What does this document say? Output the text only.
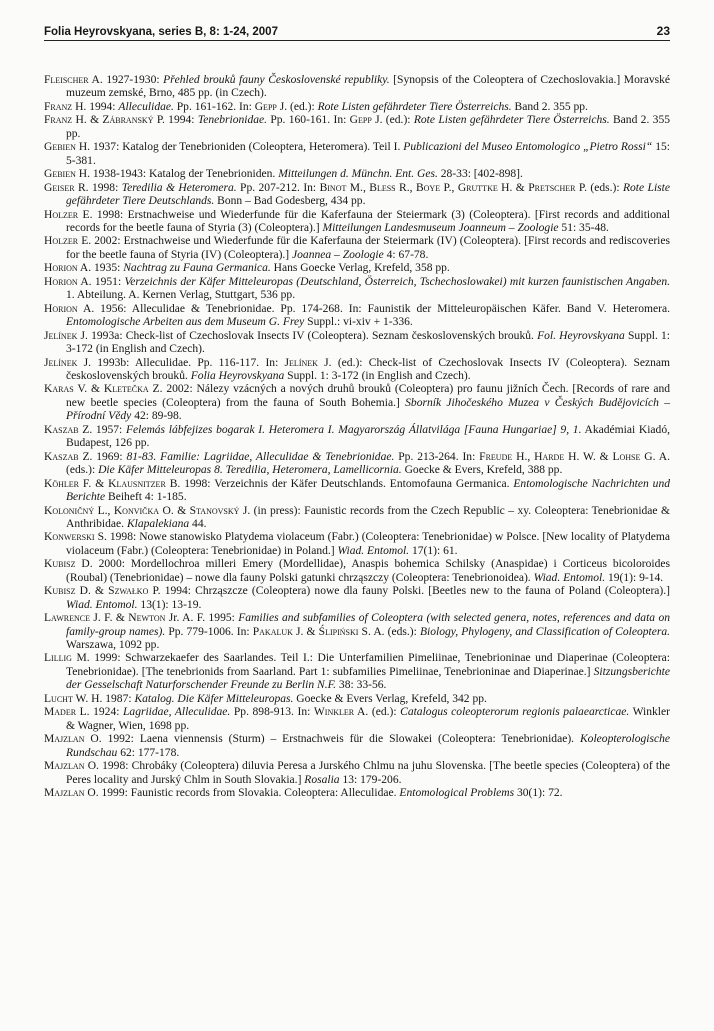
Folia Heyrovskyana, series B, 8: 1-24, 2007	23

Fleischer A. 1927-1930: Přehled brouků fauny Československé republiky. [Synopsis of the Coleoptera of Czechoslovakia.] Moravské muzeum zemské, Brno, 485 pp. (in Czech).

Franz H. 1994: Alleculidae. Pp. 161-162. In: Gepp J. (ed.): Rote Listen gefährdeter Tiere Österreichs. Band 2. 355 pp.

Franz H. & Zábranský P. 1994: Tenebrionidae. Pp. 160-161. In: Gepp J. (ed.): Rote Listen gefährdeter Tiere Österreichs. Band 2. 355 pp.

Gebien H. 1937: Katalog der Tenebrioniden (Coleoptera, Heteromera). Teil I. Publicazioni del Museo Entomologico „Pietro Rossi“ 15: 5-381.

Gebien H. 1938-1943: Katalog der Tenebrioniden. Mitteilungen d. Münchn. Ent. Ges. 28-33: [402-898].

Geiser R. 1998: Teredilia & Heteromera. Pp. 207-212. In: Binot M., Bless R., Boye P., Gruttke H. & Pretscher P. (eds.): Rote Liste gefährdeter Tiere Deutschlands. Bonn – Bad Godesberg, 434 pp.

Holzer E. 1998: Erstnachweise und Wiederfunde für die Kaferfauna der Steiermark (3) (Coleoptera). [First records and additional records for the beetle fauna of Styria (3) (Coleoptera).] Mitteilungen Landesmuseum Joanneum – Zoologie 51: 35-48.

Holzer E. 2002: Erstnachweise und Wiederfunde für die Kaferfauna der Steiermark (IV) (Coleoptera). [First records and rediscoveries for the beetle fauna of Styria (IV) (Coleoptera).] Joannea – Zoologie 4: 67-78.

Horion A. 1935: Nachtrag zu Fauna Germanica. Hans Goecke Verlag, Krefeld, 358 pp.

Horion A. 1951: Verzeichnis der Käfer Mitteleuropas (Deutschland, Österreich, Tschechoslowakei) mit kurzen faunistischen Angaben. 1. Abteilung. A. Kernen Verlag, Stuttgart, 536 pp.

Horion A. 1956: Alleculidae & Tenebrionidae. Pp. 174-268. In: Faunistik der Mitteleuropäischen Käfer. Band V. Heteromera. Entomologische Arbeiten aus dem Museum G. Frey Suppl.: vi-xiv + 1-336.

Jelínek J. 1993a: Check-list of Czechoslovak Insects IV (Coleoptera). Seznam československých brouků. Fol. Heyrovskyana Suppl. 1: 3-172 (in English and Czech).

Jelínek J. 1993b: Alleculidae. Pp. 116-117. In: Jelínek J. (ed.): Check-list of Czechoslovak Insects IV (Coleoptera). Seznam československých brouků. Folia Heyrovskyana Suppl. 1: 3-172 (in English and Czech).

Karas V. & Kletečka Z. 2002: Nálezy vzácných a nových druhů brouků (Coleoptera) pro faunu jižních Čech. [Records of rare and new beetle species (Coleoptera) from the fauna of South Bohemia.] Sborník Jihočeského Muzea v Českých Budějovicích – Přírodní Vědy 42: 89-98.

Kaszab Z. 1957: Felemás lábfejizes bogarak I. Heteromera I. Magyarország Állatvilága [Fauna Hungariae] 9, 1. Akadémiai Kiadó, Budapest, 126 pp.

Kaszab Z. 1969: 81-83. Familie: Lagriidae, Alleculidae & Tenebrionidae. Pp. 213-264. In: Freude H., Harde H. W. & Lohse G. A. (eds.): Die Käfer Mitteleuropas 8. Teredilia, Heteromera, Lamellicornia. Goecke & Evers, Krefeld, 388 pp.

Köhler F. & Klausnitzer B. 1998: Verzeichnis der Käfer Deutschlands. Entomofauna Germanica. Entomologische Nachrichten und Berichte Beiheft 4: 1-185.

Koloničný L., Konvička O. & Stanovský J. (in press): Faunistic records from the Czech Republic – xy. Coleoptera: Tenebrionidae & Anthribidae. Klapalekiana 44.

Konwerski S. 1998: Nowe stanowisko Platydema violaceum (Fabr.) (Coleoptera: Tenebrionidae) w Polsce. [New locality of Platydema violaceum (Fabr.) (Coleoptera: Tenebrionidae) in Poland.] Wiad. Entomol. 17(1): 61.

Kubisz D. 2000: Mordellochroa milleri Emery (Mordellidae), Anaspis bohemica Schilsky (Anaspidae) i Corticeus bicoloroides (Roubal) (Tenebrionidae) – nowe dla fauny Polski gatunki chrząszczy (Coleoptera: Tenebrionoidea). Wiad. Entomol. 19(1): 9-14.

Kubisz D. & Szwałko P. 1994: Chrząszcze (Coleoptera) nowe dla fauny Polski. [Beetles new to the fauna of Poland (Coleoptera).] Wiad. Entomol. 13(1): 13-19.

Lawrence J. F. & Newton Jr. A. F. 1995: Families and subfamilies of Coleoptera (with selected genera, notes, references and data on family-group names). Pp. 779-1006. In: Pakaluk J. & Ślipiński S. A. (eds.): Biology, Phylogeny, and Classification of Coleoptera. Warszawa, 1092 pp.

Lillig M. 1999: Schwarzekaefer des Saarlandes. Teil I.: Die Unterfamilien Pimeliinae, Tenebrioninae und Diaperinae (Coleoptera: Tenebrionidae). [The tenebrionids from Saarland. Part 1: subfamilies Pimeliinae, Tenebrioninae and Diaperinae.] Sitzungsberichte der Gesselschaft Naturforschender Freunde zu Berlin N.F. 38: 33-56.

Lucht W. H. 1987: Katalog. Die Käfer Mitteleuropas. Goecke & Evers Verlag, Krefeld, 342 pp.

Mader L. 1924: Lagriidae, Alleculidae. Pp. 898-913. In: Winkler A. (ed.): Catalogus coleopterorum regionis palaearcticae. Winkler & Wagner, Wien, 1698 pp.

Majzlan O. 1992: Laena viennensis (Sturm) – Erstnachweis für die Slowakei (Coleoptera: Tenebrionidae). Koleopterologische Rundschau 62: 177-178.

Majzlan O. 1998: Chrobáky (Coleoptera) diluvia Peresa a Jurského Chlmu na juhu Slovenska. [The beetle species (Coleoptera) of the Peres locality and Jurský Chlm in South Slovakia.] Rosalia 13: 179-206.

Majzlan O. 1999: Faunistic records from Slovakia. Coleoptera: Alleculidae. Entomological Problems 30(1): 72.
